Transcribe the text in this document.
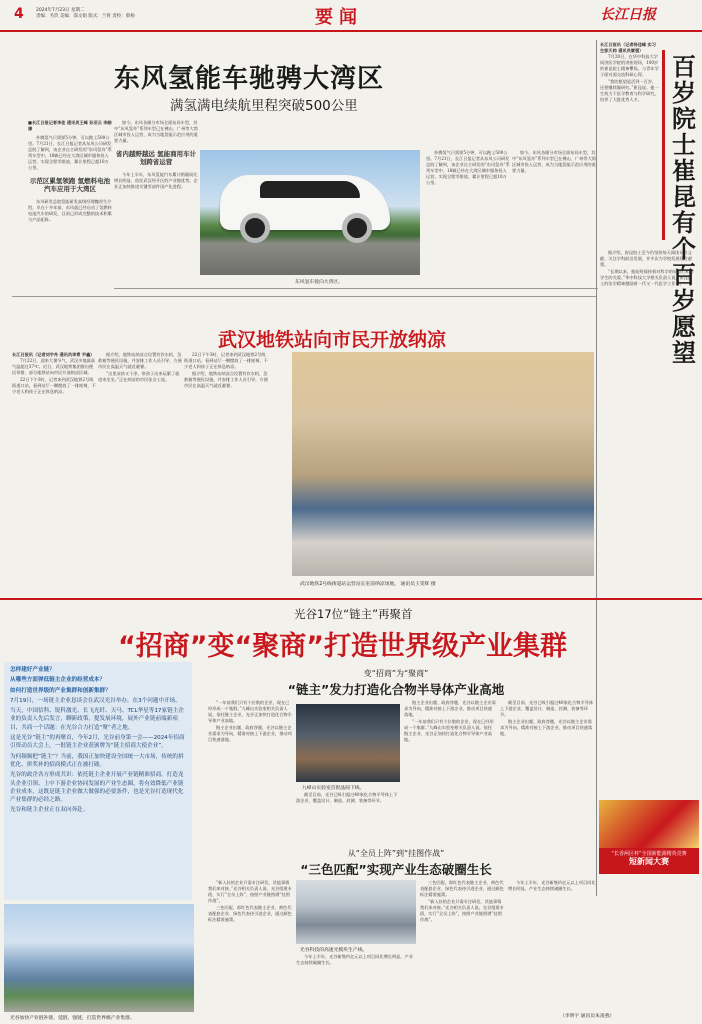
4	2024年7月23日 星期二
责编：毛玖 美编：邵文娟 版式：兰将 责校：蔡杨	要闻	长江日报
东风氢能车驰骋大湾区
满氢满电续航里程突破500公里
■长江日报记者李佳 通讯员王峰 孙亚云 李皓谦

扑腾氢气只需要5分钟，可以跑上500公里。7月21日，长江日报记者从东风公司研发总院了解到，该企业自主研发的“东风氢舟”系列车型中，18辆已经在大湾区城市服务投入运营，实现全程零排放，累计里程已超10万公里。

示范区累氢领跑 氢燃料电池汽车应用于大湾区

东风研发总院氢能研发高级经理魏晋生介绍，早在十多年前，东风就已经启动了氢燃料电池汽车的研发，目前已形成完整的技术积累与产品矩阵。

如今，东风各细分市场全面布局车型，其中“东风氢舟”系列车型已在佛山、广州等大湾区城市投入运营，成为当地氢能示范应用的重要力量。

省内越野越远 氢能商用车计划跨省运营

今年上半年，东风氢能汽车累计销量同比增长明显，依托武汉经开区的产业链优势，企业正加快推进关键零部件国产化进程。

东风氢车驶向大湾区。

扑腾氢气只需要5分钟，可以跑上500公里。7月21日，长江日报记者从东风公司研发总院了解到，该企业自主研发的“东风氢舟”系列车型中，18辆已经在大湾区城市服务投入运营，实现全程零排放，累计里程已超10万公里。

如今，东风各细分市场全面布局车型，其中“东风氢舟”系列车型已在佛山、广州等大湾区城市投入运营，成为当地氢能示范应用的重要力量。

长江日报讯（记者杨佳峰 实习生彭天帅 通讯员覃强）

7月20日，在华中科技大学同济医学院的讲座现场，100岁的崔昆院士精神矍铄，与青年学子面对面交流科研心得。

“我的愿望是活到一百岁，还要继续做研究。”崔昆说。他一生致力于医学教育与科学研究，培养了大批优秀人才。

百岁院士崔昆有个百岁愿望

据介绍，崔昆院士至今仍坚持每天阅读专业文献，关注学科前沿发展，并多次为学校发展建言献策。

“长期以来，他始终保持着对科学的好奇心和对学生的关爱。”华中科技大学相关负责人说，崔昆院士的治学精神激励着一代又一代医学工作者。

“长香两区杯”全国新能源精英竞赛
短新闻大赛
武汉地铁站向市民开放纳凉
长江日报讯（记者刘宇舟 通讯员李青 尹鑫）

7月22日，迎来大暑节气，武汉多地最高气温超过37℃。近日，武汉地铁集团推出便民举措，部分地铁站向市民开放纳凉区域。

22日下午3时，记者来到武汉地铁2号线街道口站，看到站厅一侧摆放了一排座椅，不少老人和孩子正在休息纳凉。

据介绍，地铁站纳凉点设置有饮水机、急救箱等便民设施，并安排工作人员引导，方便市民在高温天气就近避暑。

“这里凉快又干净，带孩子出来玩累了就进来坐坐。”正在纳凉的市民张女士说。

22日下午3时，记者来到武汉地铁2号线街道口站，看到站厅一侧摆放了一排座椅，不少老人和孩子正在休息纳凉。

据介绍，地铁站纳凉点设置有饮水机、急救箱等便民设施，并安排工作人员引导，方便市民在高温天气就近避暑。

武汉地铁2号线街道站运营站长室前纳凉场地。 通讯员王雯辉 摄
光谷17位“链主”再聚首
“招商”变“聚商”打造世界级产业集群

怎样建好产业链？

从哪些方面弹低链主企业的经营成本？

如何打造世界级的产业集群和创新集群？

7月19日，一场链主企业恳谈会在武汉光谷举办，在3个问题中开场。

当天，中国信科、锐科激光、长飞光纤、天马、TCL华星等17家链主企业的负责人先后发言，聊新政策，提发展环境，展外产业链前端新项目，共商一个话题：在光谷合力打造“聚”者之地。

这是光谷“链主”的再聚首，今年2月，光谷前身第一会——2024年招商引资动员大会上，一批链主企业获颁牌为“链主招商大使企业”。

为何频频把“链主”？当前，我国正加快建设全国统一大市场，传统的拼优化、拼奖补的招商模式正在被打破。

光谷的政企各方形成共识：依托链主企业开展产业链精准招商，打造龙头企业引领、上中下游企业协同发展的产业生态圈，将有效降低产业链企业成本，这既是链主企业做大做强的必要条件，也是光谷打造现代化产业集群的必经之路。

光谷和链主企业正在双向奔赴。

光谷加快产业链补链、延链、强链，打造世界级产业集群。
变“招商”为“聚商”
“链主”发力打造化合物半导体产业高地

“一年前我们只有个位数的企业，现在已经形成一个集群。”九峰山实验室相关负责人说。依托链主企业，光谷正加快打造化合物半导体产业高地。

链主企业出题、政府答题，光谷以链主企业需求为导向，精准对接上下游企业，推动项目快速落地。

九峰山实验室首批晶圆下线。

截至目前，光谷已吸引超过40家化合物半导体上下游企业，覆盖设计、制造、封测、装备等环节。

链主企业出题、政府答题，光谷以链主企业需求为导向，精准对接上下游企业，推动项目快速落地。

“一年前我们只有个位数的企业，现在已经形成一个集群。”九峰山实验室相关负责人说。依托链主企业，光谷正加快打造化合物半导体产业高地。

截至目前，光谷已吸引超过40家化合物半导体上下游企业，覆盖设计、制造、封测、装备等环节。

链主企业出题、政府答题，光谷以链主企业需求为导向，精准对接上下游企业，推动项目快速落地。

从“全员上阵”到“挂图作战”
“三色匹配”实现产业生态破圈生长

“新入驻的企业只需专注研发，其他事情我们来对接。”光谷相关负责人说。光谷组建专班，实行“全员上阵”，按照产业链图谱“挂图作战”。

三色匹配，即红色代表链主企业、黄色代表配套企业、绿色代表待引进企业，通过颜色标注精准施策。

光谷科技的高速光模块生产线。

今年上半年，光谷新签约亿元以上项目同比增长明显，产业生态持续破圈生长。

三色匹配，即红色代表链主企业、黄色代表配套企业、绿色代表待引进企业，通过颜色标注精准施策。

“新入驻的企业只需专注研发，其他事情我们来对接。”光谷相关负责人说。光谷组建专班，实行“全员上阵”，按照产业链图谱“挂图作战”。

今年上半年，光谷新签约亿元以上项目同比增长明显，产业生态持续破圈生长。

（李明宇 通讯员朱凌燕）
